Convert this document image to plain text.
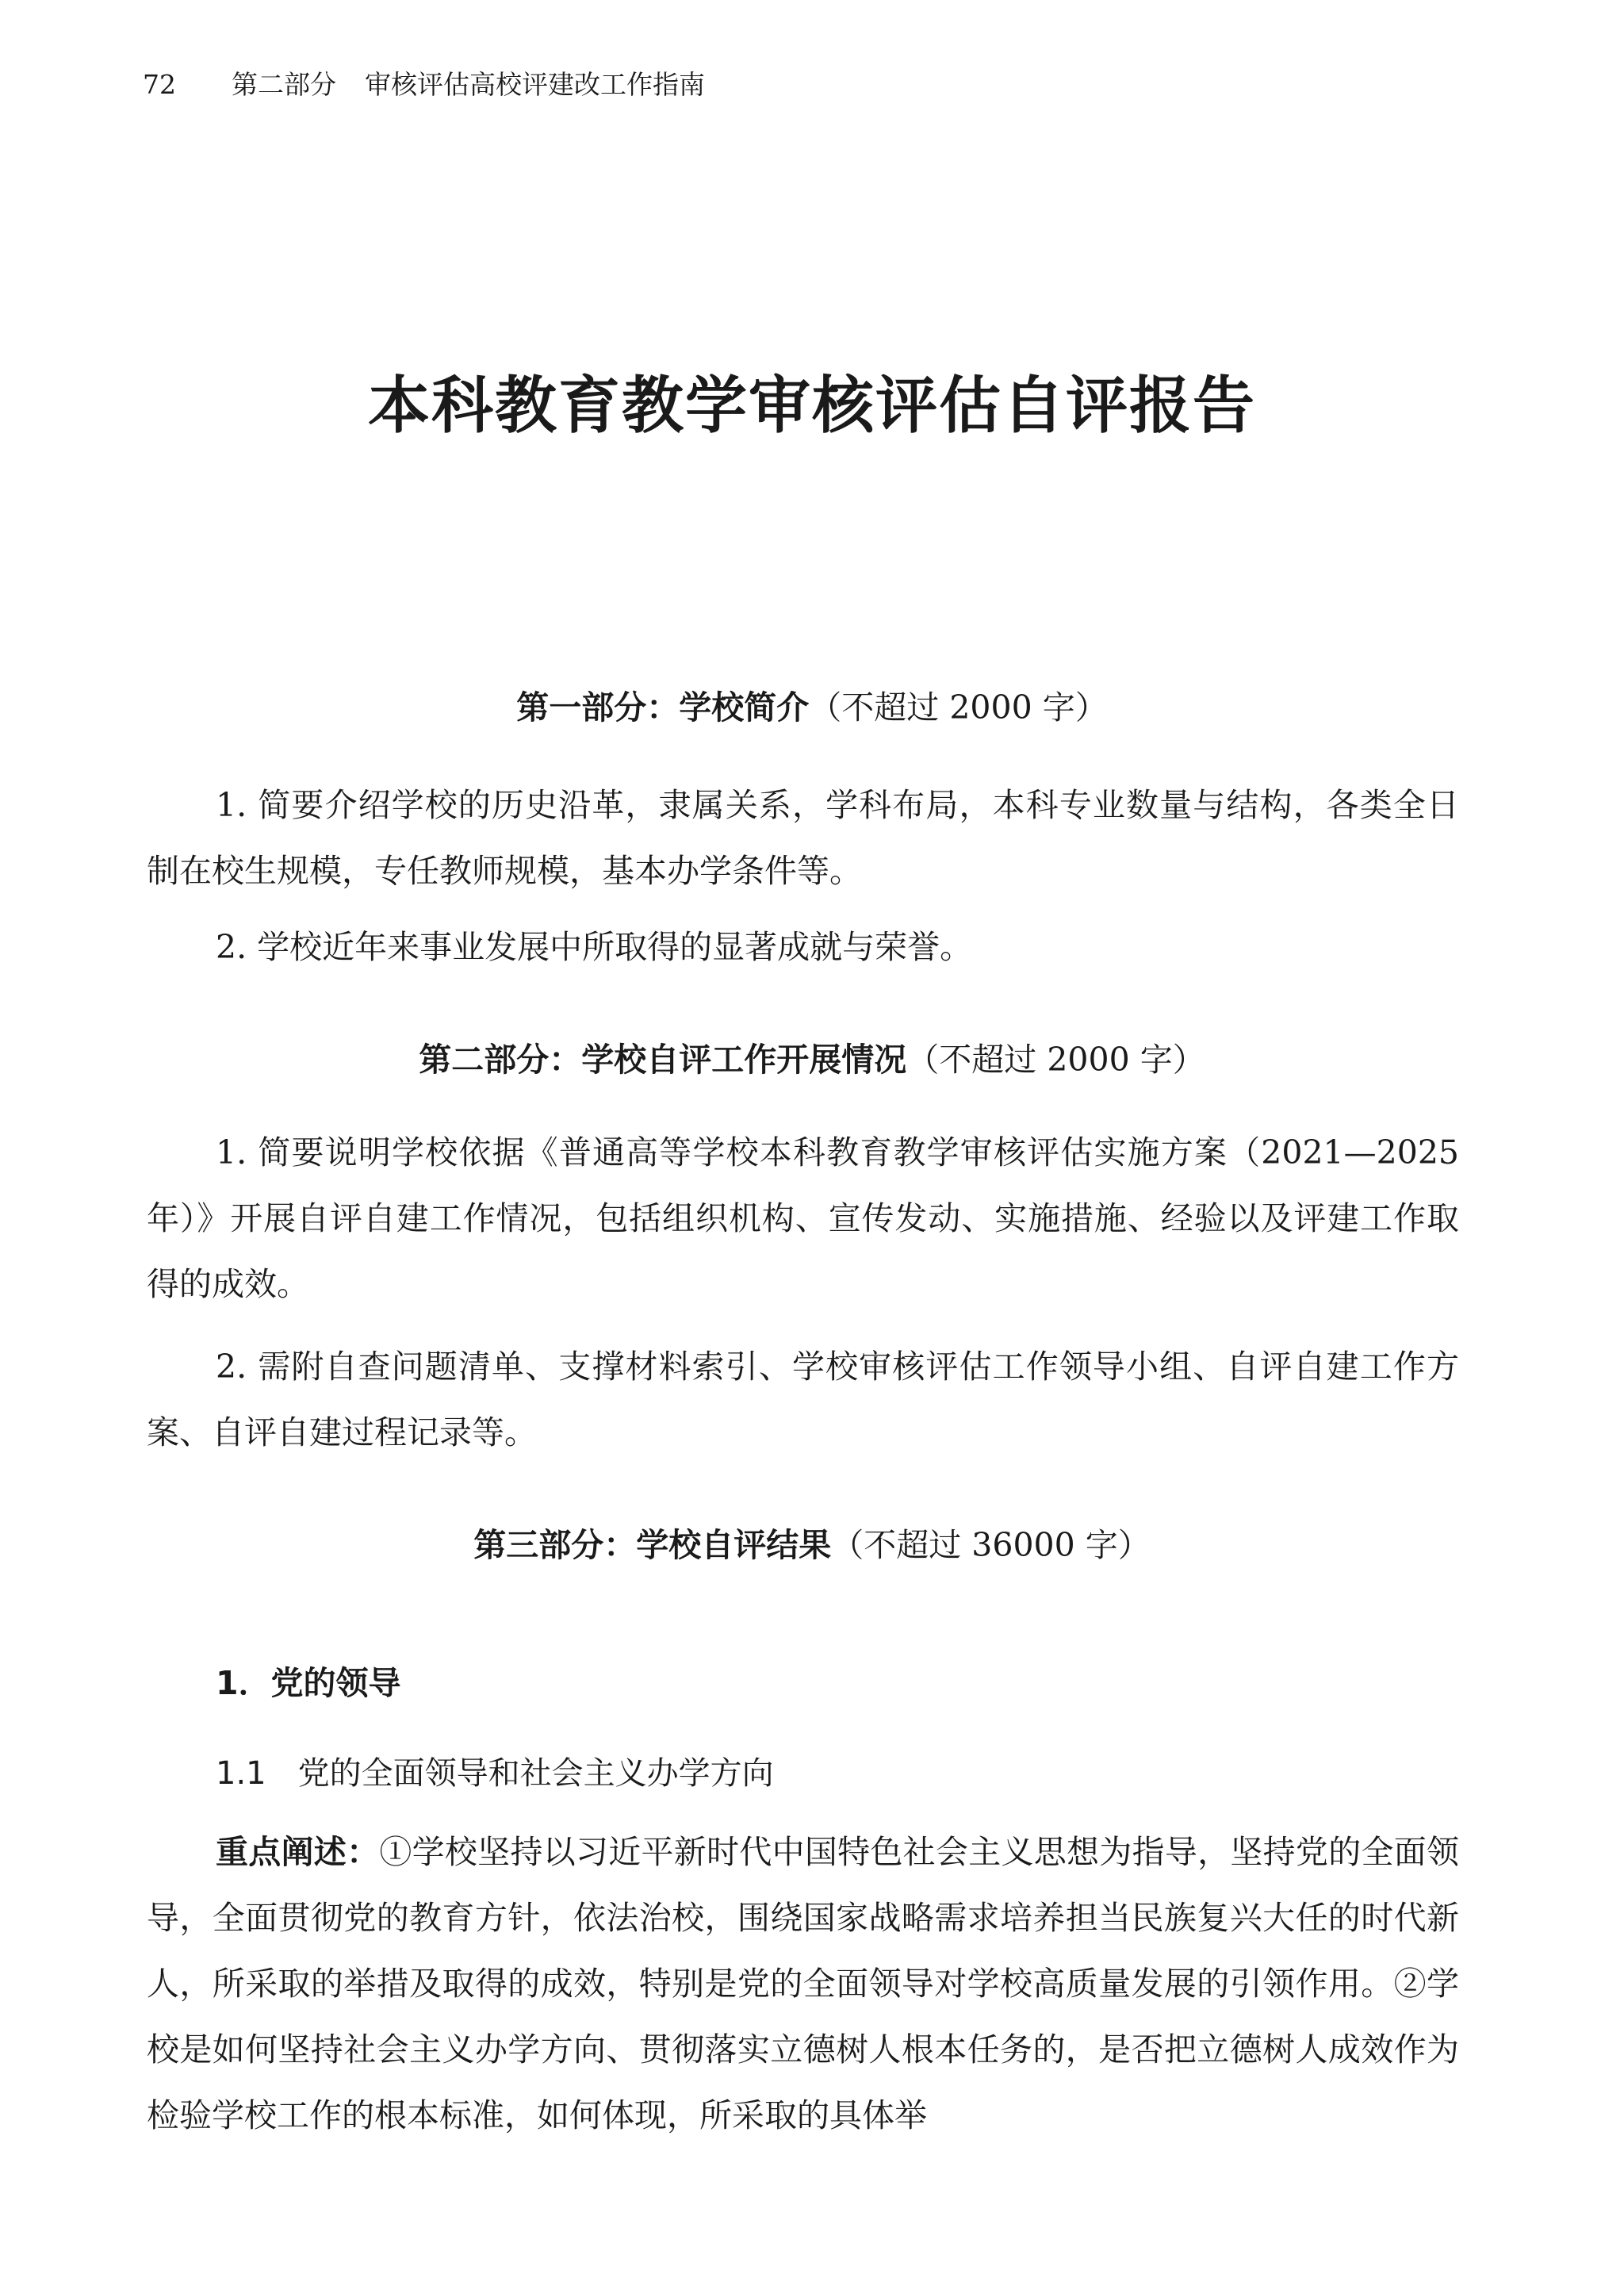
72 第二部分 审核评估高校评建改工作指南
本科教育教学审核评估自评报告
第一部分：学校简介（不超过 2000 字）

1. 简要介绍学校的历史沿革，隶属关系，学科布局，本科专业数量与结构，各类全日制在校生规模，专任教师规模，基本办学条件等。

2. 学校近年来事业发展中所取得的显著成就与荣誉。

第二部分：学校自评工作开展情况（不超过 2000 字）

1. 简要说明学校依据《普通高等学校本科教育教学审核评估实施方案（2021—2025 年）》开展自评自建工作情况，包括组织机构、宣传发动、实施措施、经验以及评建工作取得的成效。

2. 需附自查问题清单、支撑材料索引、学校审核评估工作领导小组、自评自建工作方案、自评自建过程记录等。

第三部分：学校自评结果（不超过 36000 字）
1．党的领导
1.1 党的全面领导和社会主义办学方向

重点阐述：①学校坚持以习近平新时代中国特色社会主义思想为指导，坚持党的全面领导，全面贯彻党的教育方针，依法治校，围绕国家战略需求培养担当民族复兴大任的时代新人，所采取的举措及取得的成效，特别是党的全面领导对学校高质量发展的引领作用。②学校是如何坚持社会主义办学方向、贯彻落实立德树人根本任务的，是否把立德树人成效作为检验学校工作的根本标准，如何体现，所采取的具体举
